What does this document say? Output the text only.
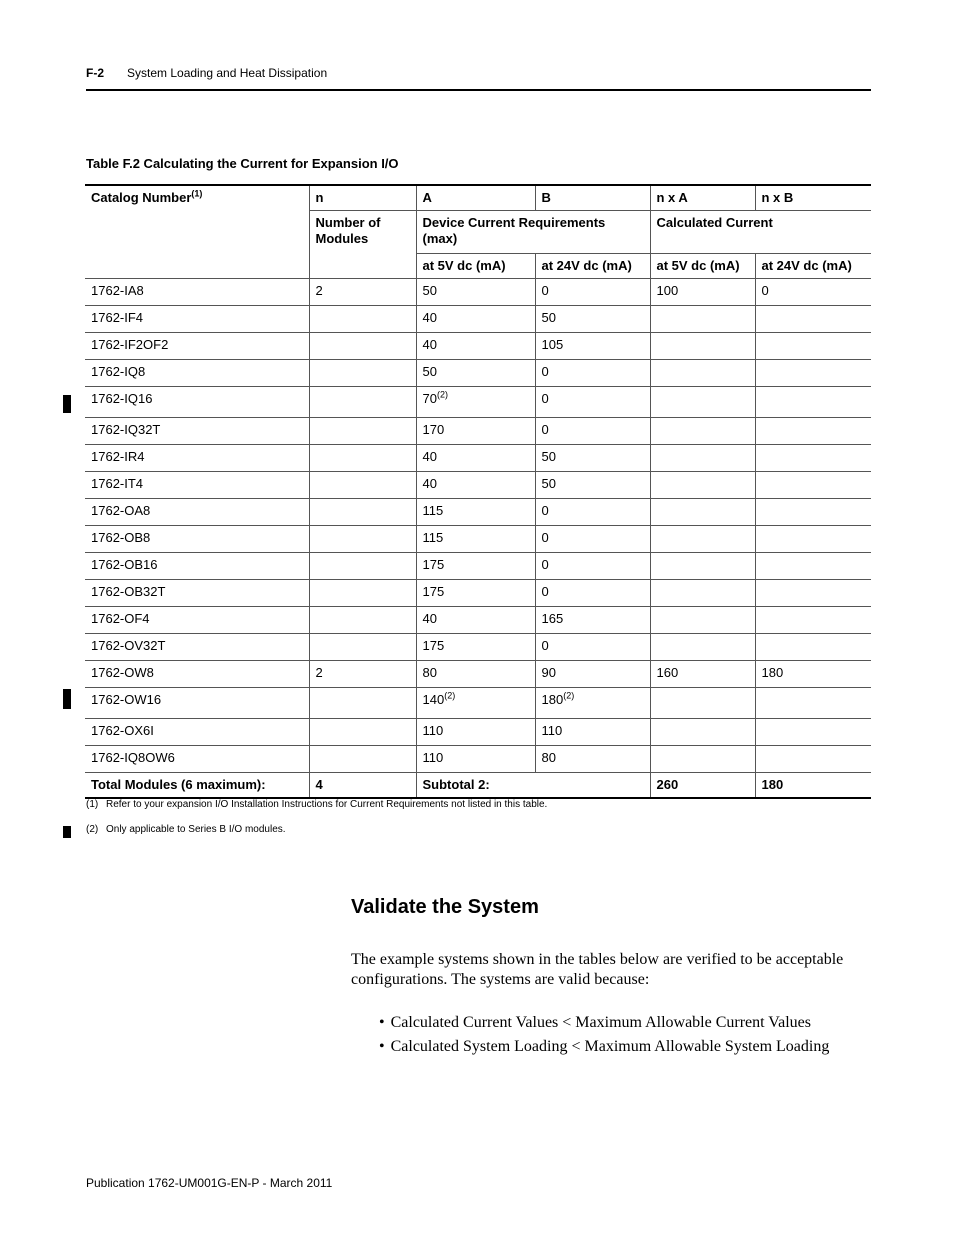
F-2 System Loading and Heat Dissipation
Table F.2 Calculating the Current for Expansion I/O
Catalog Number$^{(1)}$	n	A	B	n x A	n x B
	Number of Modules	Device Current Requirements (max)		Calculated Current	
		at 5V dc (mA)	at 24V dc (mA)	at 5V dc (mA)	at 24V dc (mA)
1762-IA8	2	50	0	100	0
1762-IF4		40	50		
1762-IF2OF2		40	105		
1762-IQ8		50	0		
1762-IQ16		70$^{(2)}$	0		
1762-IQ32T		170	0		
1762-IR4		40	50		
1762-IT4		40	50		
1762-OA8		115	0		
1762-OB8		115	0		
1762-OB16		175	0		
1762-OB32T		175	0		
1762-OF4		40	165		
1762-OV32T		175	0		
1762-OW8	2	80	90	160	180
1762-OW16		140$^{(2)}$	180$^{(2)}$		
1762-OX6I		110	110		
1762-IQ8OW6		110	80		
Total Modules (6 maximum):	4	Subtotal 2:		260	180
(1) Refer to your expansion I/O Installation Instructions for Current Requirements not listed in this table.
(2) Only applicable to Series B I/O modules.
Validate the System
The example systems shown in the tables below are verified to be acceptable configurations. The systems are valid because:
• Calculated Current Values < Maximum Allowable Current Values
• Calculated System Loading < Maximum Allowable System Loading
Publication 1762-UM001G-EN-P - March 2011
